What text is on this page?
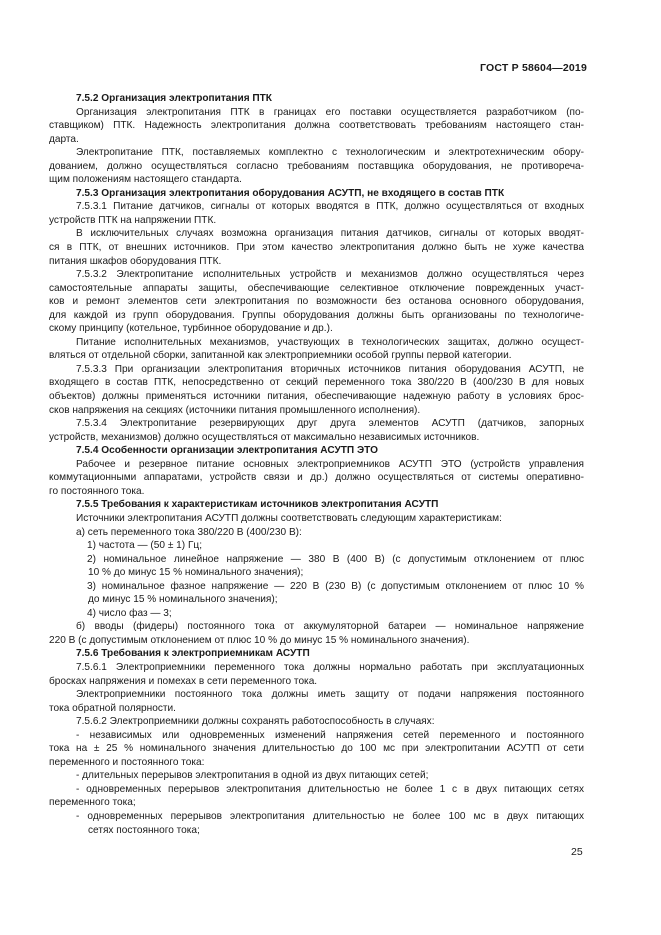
ГОСТ Р 58604—2019
7.5.2 Организация электропитания ПТК
Организация электропитания ПТК в границах его поставки осуществляется разработчиком (по-
ставщиком) ПТК. Надежность электропитания должна соответствовать требованиям настоящего стан-
дарта.
Электропитание ПТК, поставляемых комплектно с технологическим и электротехническим обору-
дованием, должно осуществляться согласно требованиям поставщика оборудования, не противореча-
щим положениям настоящего стандарта.
7.5.3 Организация электропитания оборудования АСУТП, не входящего в состав ПТК
7.5.3.1 Питание датчиков, сигналы от которых вводятся в ПТК, должно осуществляться от входных
устройств ПТК на напряжении ПТК.
В исключительных случаях возможна организация питания датчиков, сигналы от которых вводят-
ся в ПТК, от внешних источников. При этом качество электропитания должно быть не хуже качества
питания шкафов оборудования ПТК.
7.5.3.2 Электропитание исполнительных устройств и механизмов должно осуществляться через
самостоятельные аппараты защиты, обеспечивающие селективное отключение поврежденных участ-
ков и ремонт элементов сети электропитания по возможности без останова основного оборудования,
для каждой из групп оборудования. Группы оборудования должны быть организованы по технологиче-
скому принципу (котельное, турбинное оборудование и др.).
Питание исполнительных механизмов, участвующих в технологических защитах, должно осущест-
вляться от отдельной сборки, запитанной как электроприемники особой группы первой категории.
7.5.3.3 При организации электропитания вторичных источников питания оборудования АСУТП, не
входящего в состав ПТК, непосредственно от секций переменного тока 380/220 В (400/230 В для новых
объектов) должны применяться источники питания, обеспечивающие надежную работу в условиях брос-
сков напряжения на секциях (источники питания промышленного исполнения).
7.5.3.4 Электропитание резервирующих друг друга элементов АСУТП (датчиков, запорных
устройств, механизмов) должно осуществляться от максимально независимых источников.
7.5.4 Особенности организации электропитания АСУТП ЭТО
Рабочее и резервное питание основных электроприемников АСУТП ЭТО (устройств управления
коммутационными аппаратами, устройств связи и др.) должно осуществляться от системы оперативно-
го постоянного тока.
7.5.5 Требования к характеристикам источников электропитания АСУТП
Источники электропитания АСУТП должны соответствовать следующим характеристикам:
а) сеть переменного тока 380/220 В (400/230 В):
1) частота — (50 ± 1) Гц;
2) номинальное линейное напряжение — 380 В (400 В) (с допустимым отклонением от плюс
10 % до минус 15 % номинального значения);
3) номинальное фазное напряжение — 220 В (230 В) (с допустимым отклонением от плюс 10 %
до минус 15 % номинального значения);
4) число фаз — 3;
б) вводы (фидеры) постоянного тока от аккумуляторной батареи — номинальное напряжение
220 В (с допустимым отклонением от плюс 10 % до минус 15 % номинального значения).
7.5.6 Требования к электроприемникам АСУТП
7.5.6.1 Электроприемники переменного тока должны нормально работать при эксплуатационных
бросках напряжения и помехах в сети переменного тока.
Электроприемники постоянного тока должны иметь защиту от подачи напряжения постоянного
тока обратной полярности.
7.5.6.2 Электроприемники должны сохранять работоспособность в случаях:
- независимых или одновременных изменений напряжения сетей переменного и постоянного
тока на ± 25 % номинального значения длительностью до 100 мс при электропитании АСУТП от сети
переменного и постоянного тока:
- длительных перерывов электропитания в одной из двух питающих сетей;
- одновременных перерывов электропитания длительностью не более 1 с в двух питающих сетях
переменного тока;
- одновременных перерывов электропитания длительностью не более 100 мс в двух питающих
сетях постоянного тока;
25
